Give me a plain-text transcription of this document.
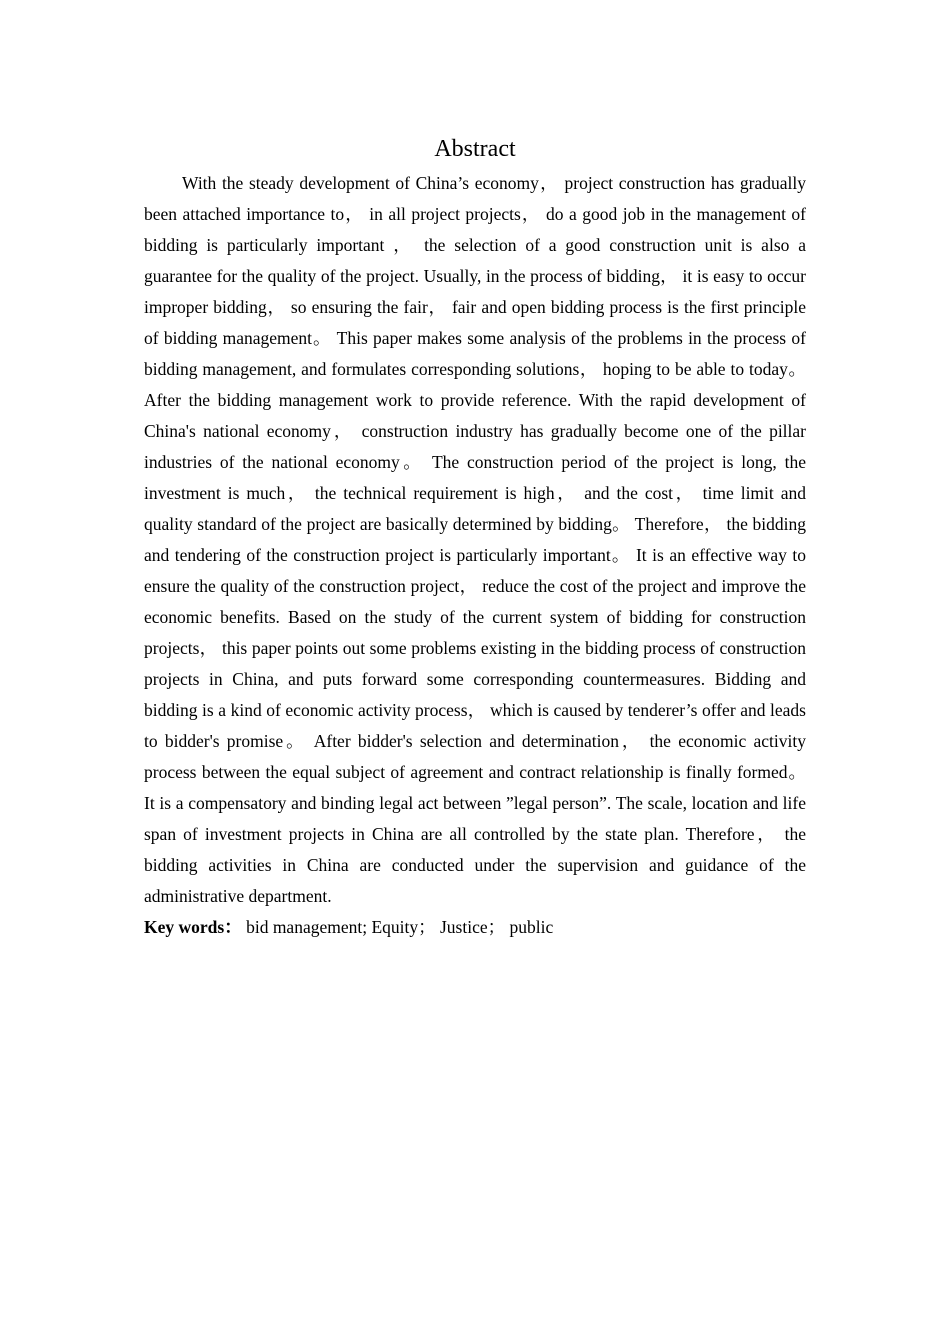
Abstract

With the steady development of China’s economy， project construction has gradually been attached importance to， in all project projects， do a good job in the management of bidding is particularly important ， the selection of a good construction unit is also a guarantee for the quality of the project. Usually, in the process of bidding， it is easy to occur improper bidding， so ensuring the fair， fair and open bidding process is the first principle of bidding management。 This paper makes some analysis of the problems in the process of bidding management, and formulates corresponding solutions， hoping to be able to today。 After the bidding management work to provide reference. With the rapid development of China's national economy， construction industry has gradually become one of the pillar industries of the national economy。 The construction period of the project is long, the investment is much， the technical requirement is high， and the cost， time limit and quality standard of the project are basically determined by bidding。 Therefore， the bidding and tendering of the construction project is particularly important。 It is an effective way to ensure the quality of the construction project， reduce the cost of the project and improve the economic benefits. Based on the study of the current system of bidding for construction projects， this paper points out some problems existing in the bidding process of construction projects in China, and puts forward some corresponding countermeasures. Bidding and bidding is a kind of economic activity process， which is caused by tenderer’s offer and leads to bidder's promise。 After bidder's selection and determination， the economic activity process between the equal subject of agreement and contract relationship is finally formed。 It is a compensatory and binding legal act between ”legal person”. The scale, location and life span of investment projects in China are all controlled by the state plan. Therefore， the bidding activities in China are conducted under the supervision and guidance of the administrative department.

Key words： bid management; Equity； Justice； public
